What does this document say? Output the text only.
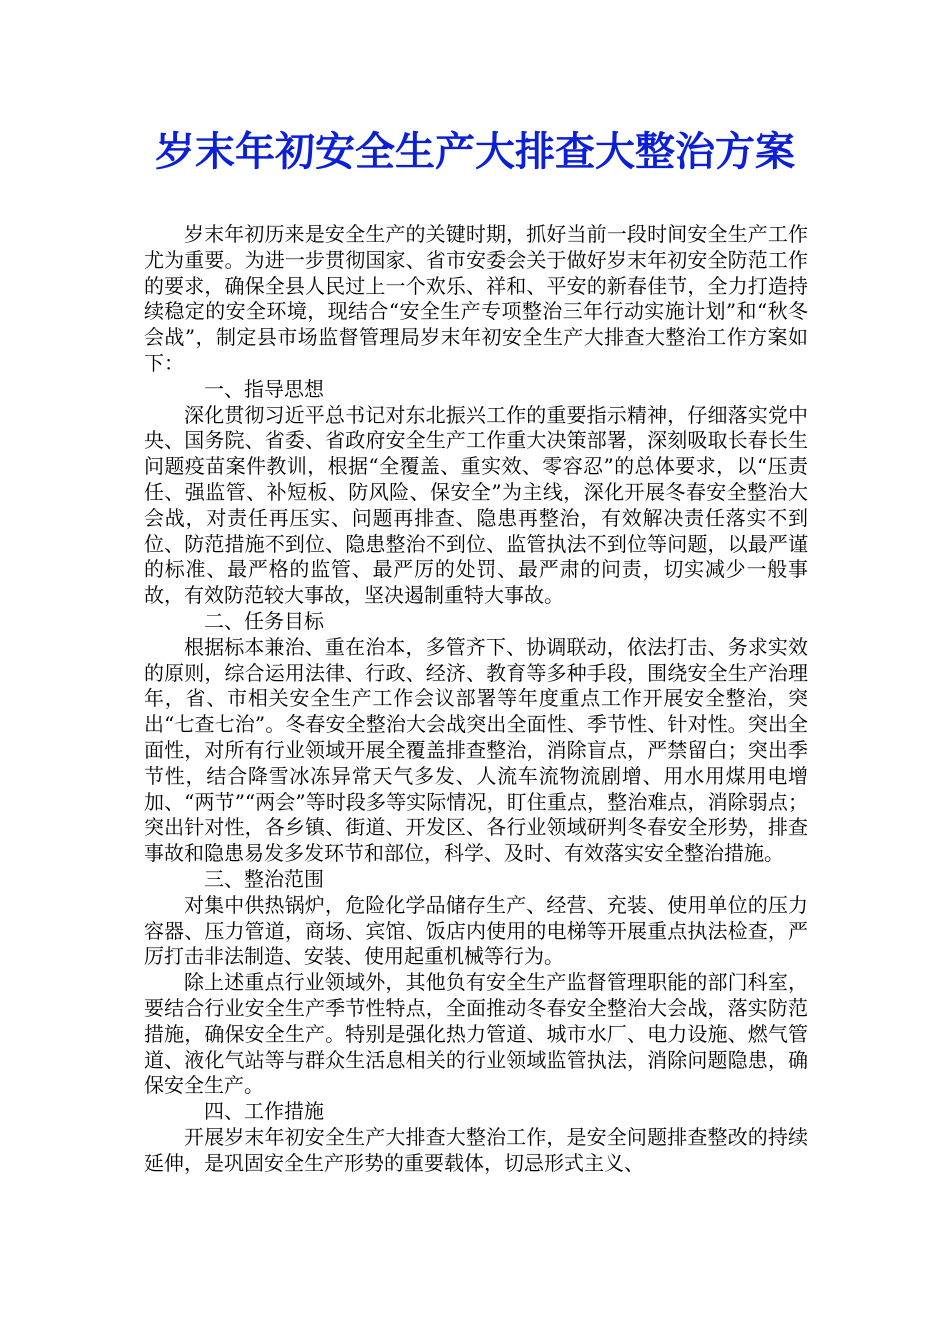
岁末年初安全生产大排查大整治方案

岁末年初历来是安全生产的关键时期，抓好当前一段时间安全生产工作尤为重要。为进一步贯彻国家、省市安委会关于做好岁末年初安全防范工作的要求，确保全县人民过上一个欢乐、祥和、平安的新春佳节，全力打造持续稳定的安全环境，现结合“安全生产专项整治三年行动实施计划”和“秋冬会战”，制定县市场监督管理局岁末年初安全生产大排查大整治工作方案如下：

一、指导思想

深化贯彻习近平总书记对东北振兴工作的重要指示精神，仔细落实党中央、国务院、省委、省政府安全生产工作重大决策部署，深刻吸取长春长生问题疫苗案件教训，根据“全覆盖、重实效、零容忍”的总体要求，以“压责任、强监管、补短板、防风险、保安全”为主线，深化开展冬春安全整治大会战，对责任再压实、问题再排查、隐患再整治，有效解决责任落实不到位、防范措施不到位、隐患整治不到位、监管执法不到位等问题，以最严谨的标准、最严格的监管、最严厉的处罚、最严肃的问责，切实减少一般事故，有效防范较大事故，坚决遏制重特大事故。

二、任务目标

根据标本兼治、重在治本，多管齐下、协调联动，依法打击、务求实效的原则，综合运用法律、行政、经济、教育等多种手段，围绕安全生产治理年，省、市相关安全生产工作会议部署等年度重点工作开展安全整治，突出“七查七治”。冬春安全整治大会战突出全面性、季节性、针对性。突出全面性，对所有行业领域开展全覆盖排查整治，消除盲点，严禁留白；突出季节性，结合降雪冰冻异常天气多发、人流车流物流剧增、用水用煤用电增加、“两节”“两会”等时段多等实际情况，盯住重点，整治难点，消除弱点；突出针对性，各乡镇、街道、开发区、各行业领域研判冬春安全形势，排查事故和隐患易发多发环节和部位，科学、及时、有效落实安全整治措施。

三、整治范围

对集中供热锅炉，危险化学品储存生产、经营、充装、使用单位的压力容器、压力管道，商场、宾馆、饭店内使用的电梯等开展重点执法检查，严厉打击非法制造、安装、使用起重机械等行为。

除上述重点行业领域外，其他负有安全生产监督管理职能的部门科室，要结合行业安全生产季节性特点，全面推动冬春安全整治大会战，落实防范措施，确保安全生产。特别是强化热力管道、城市水厂、电力设施、燃气管道、液化气站等与群众生活息相关的行业领域监管执法，消除问题隐患，确保安全生产。

四、工作措施

开展岁末年初安全生产大排查大整治工作，是安全问题排查整改的持续延伸，是巩固安全生产形势的重要载体，切忌形式主义、
